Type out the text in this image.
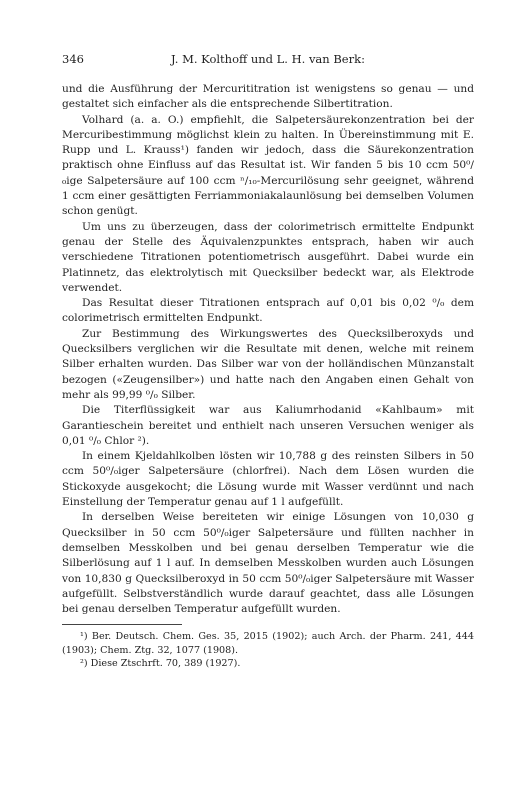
346	J. M. Kolthoff und L. H. van Berk:

und die Ausführung der Mercurititration ist wenigstens so genau — und gestaltet sich einfacher als die entsprechende Silbertitration.

Volhard (a. a. O.) empfiehlt, die Salpetersäurekonzentration bei der Mercuribestimmung möglichst klein zu halten. In Übereinstimmung mit E. Rupp und L. Krauss¹) fanden wir jedoch, dass die Säurekonzentration praktisch ohne Einfluss auf das Resultat ist. Wir fanden 5 bis 10 ccm 50⁰/₀ige Salpetersäure auf 100 ccm ⁿ/₁₀-Mercurilösung sehr geeignet, während 1 ccm einer gesättigten Ferriammoniakalaunlösung bei demselben Volumen schon genügt.

Um uns zu überzeugen, dass der colorimetrisch ermittelte Endpunkt genau der Stelle des Äquivalenzpunktes entsprach, haben wir auch verschiedene Titrationen potentiometrisch ausgeführt. Dabei wurde ein Platinnetz, das elektrolytisch mit Quecksilber bedeckt war, als Elektrode verwendet.

Das Resultat dieser Titrationen entsprach auf 0,01 bis 0,02 ⁰/₀ dem colorimetrisch ermittelten Endpunkt.

Zur Bestimmung des Wirkungswertes des Quecksilberoxyds und Quecksilbers verglichen wir die Resultate mit denen, welche mit reinem Silber erhalten wurden. Das Silber war von der holländischen Münzanstalt bezogen («Zeugensilber») und hatte nach den Angaben einen Gehalt von mehr als 99,99 ⁰/₀ Silber.

Die Titerflüssigkeit war aus Kaliumrhodanid «Kahlbaum» mit Garantieschein bereitet und enthielt nach unseren Versuchen weniger als 0,01 ⁰/₀ Chlor ²).

In einem Kjeldahlkolben lösten wir 10,788 g des reinsten Silbers in 50 ccm 50⁰/₀iger Salpetersäure (chlorfrei). Nach dem Lösen wurden die Stickoxyde ausgekocht; die Lösung wurde mit Wasser verdünnt und nach Einstellung der Temperatur genau auf 1 l aufgefüllt.

In derselben Weise bereiteten wir einige Lösungen von 10,030 g Quecksilber in 50 ccm 50⁰/₀iger Salpetersäure und füllten nachher in demselben Messkolben und bei genau derselben Temperatur wie die Silberlösung auf 1 l auf. In demselben Messkolben wurden auch Lösungen von 10,830 g Quecksilberoxyd in 50 ccm 50⁰/₀iger Salpetersäure mit Wasser aufgefüllt. Selbstverständlich wurde darauf geachtet, dass alle Lösungen bei genau derselben Temperatur aufgefüllt wurden.

¹) Ber. Deutsch. Chem. Ges. 35, 2015 (1902); auch Arch. der Pharm. 241, 444 (1903); Chem. Ztg. 32, 1077 (1908).

²) Diese Ztschrft. 70, 389 (1927).
